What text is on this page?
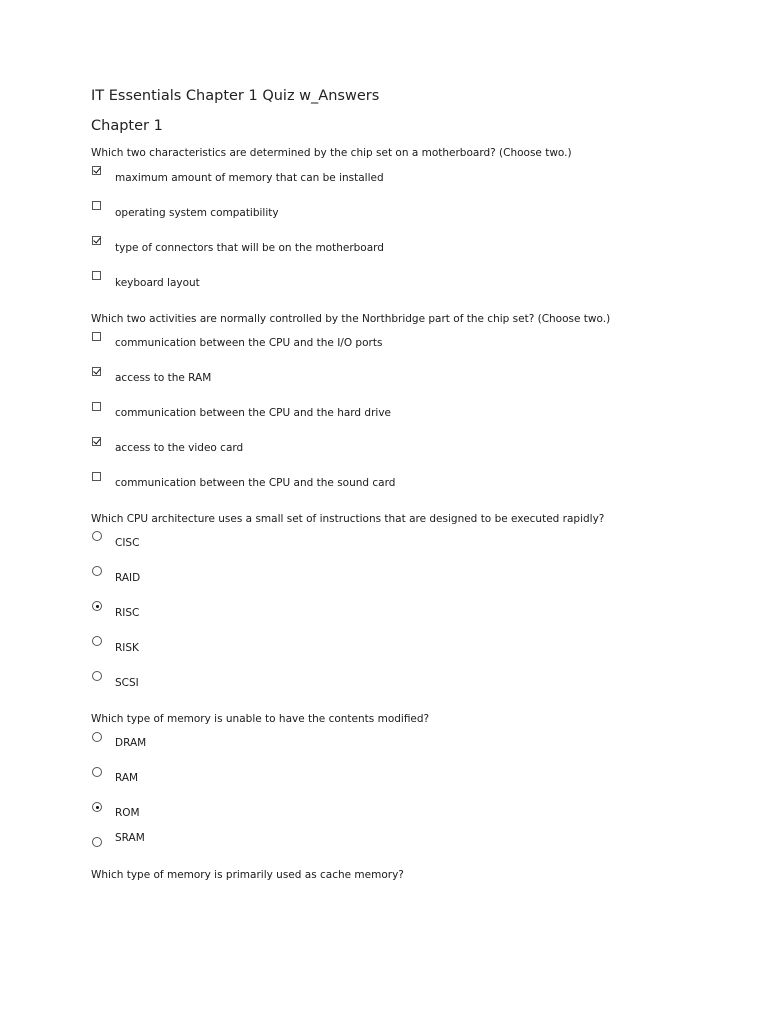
IT Essentials Chapter 1 Quiz w_Answers
Chapter 1
Which two characteristics are determined by the chip set on a motherboard? (Choose two.)
maximum amount of memory that can be installed
operating system compatibility
type of connectors that will be on the motherboard
keyboard layout
Which two activities are normally controlled by the Northbridge part of the chip set? (Choose two.)
communication between the CPU and the I/O ports
access to the RAM
communication between the CPU and the hard drive
access to the video card
communication between the CPU and the sound card
Which CPU architecture uses a small set of instructions that are designed to be executed rapidly?
CISC
RAID
RISC
RISK
SCSI
Which type of memory is unable to have the contents modified?
DRAM
RAM
ROM
SRAM
Which type of memory is primarily used as cache memory?
